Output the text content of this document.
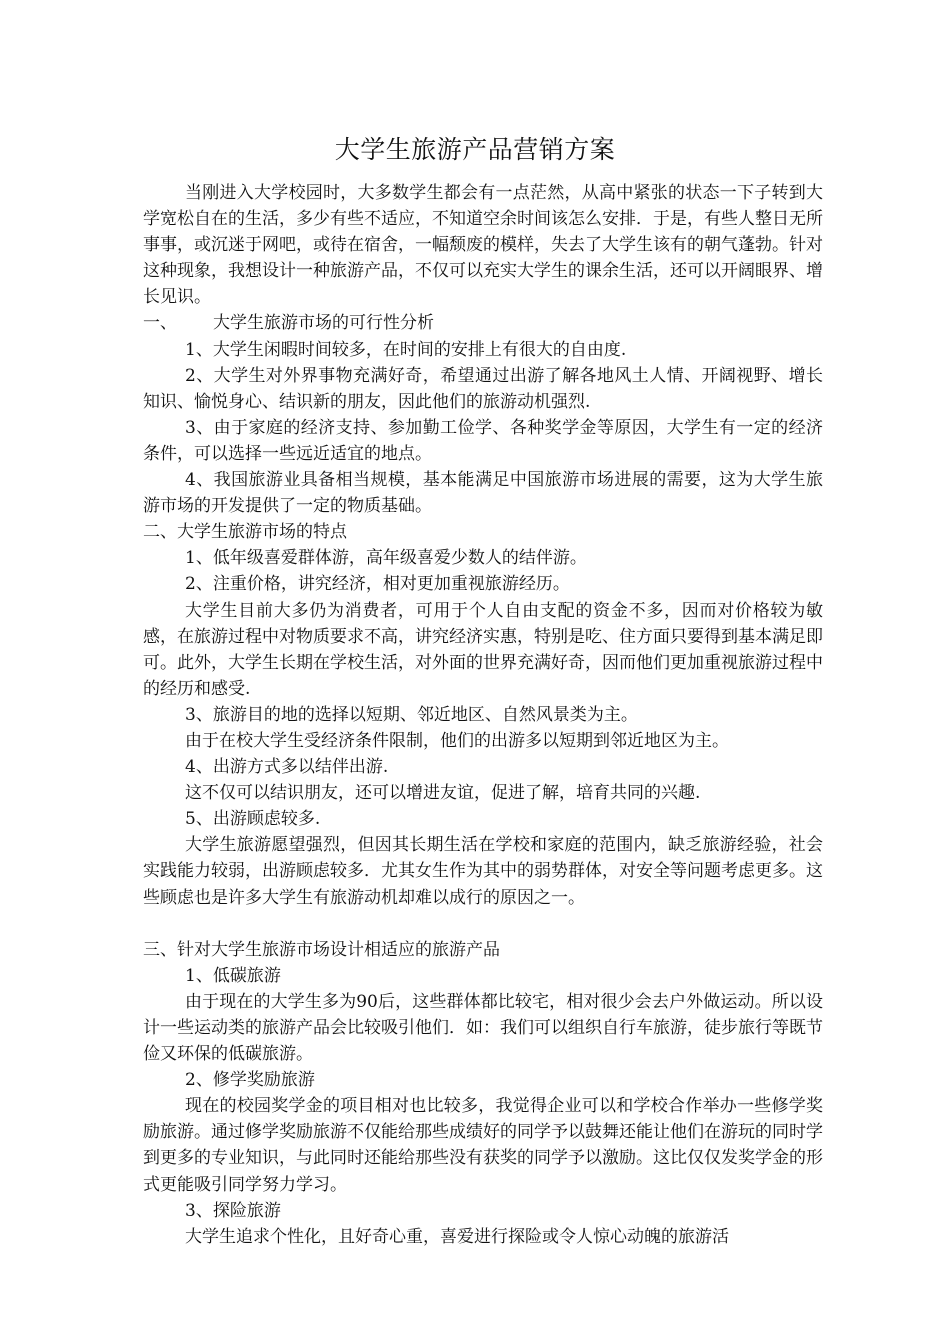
大学生旅游产品营销方案

当刚进入大学校园时，大多数学生都会有一点茫然，从高中紧张的状态一下子转到大学宽松自在的生活，多少有些不适应，不知道空余时间该怎么安排．于是，有些人整日无所事事，或沉迷于网吧，或待在宿舍，一幅颓废的模样，失去了大学生该有的朝气蓬勃。针对这种现象，我想设计一种旅游产品，不仅可以充实大学生的课余生活，还可以开阔眼界、增长见识。

一、 大学生旅游市场的可行性分析

1、大学生闲暇时间较多，在时间的安排上有很大的自由度.

2、大学生对外界事物充满好奇，希望通过出游了解各地风土人情、开阔视野、增长知识、愉悦身心、结识新的朋友，因此他们的旅游动机强烈.

3、由于家庭的经济支持、参加勤工俭学、各种奖学金等原因，大学生有一定的经济条件，可以选择一些远近适宜的地点。

4、我国旅游业具备相当规模，基本能满足中国旅游市场进展的需要，这为大学生旅游市场的开发提供了一定的物质基础。

二、大学生旅游市场的特点

1、低年级喜爱群体游，高年级喜爱少数人的结伴游。

2、注重价格，讲究经济，相对更加重视旅游经历。

大学生目前大多仍为消费者，可用于个人自由支配的资金不多，因而对价格较为敏感，在旅游过程中对物质要求不高，讲究经济实惠，特别是吃、住方面只要得到基本满足即可。此外，大学生长期在学校生活，对外面的世界充满好奇，因而他们更加重视旅游过程中的经历和感受.

3、旅游目的地的选择以短期、邻近地区、自然风景类为主。

由于在校大学生受经济条件限制，他们的出游多以短期到邻近地区为主。

4、出游方式多以结伴出游.

这不仅可以结识朋友，还可以增进友谊，促进了解，培育共同的兴趣.

5、出游顾虑较多.

大学生旅游愿望强烈，但因其长期生活在学校和家庭的范围内，缺乏旅游经验，社会实践能力较弱，出游顾虑较多．尤其女生作为其中的弱势群体，对安全等问题考虑更多。这些顾虑也是许多大学生有旅游动机却难以成行的原因之一。

三、针对大学生旅游市场设计相适应的旅游产品

1、低碳旅游

由于现在的大学生多为90后，这些群体都比较宅，相对很少会去户外做运动。所以设计一些运动类的旅游产品会比较吸引他们．如：我们可以组织自行车旅游，徒步旅行等既节俭又环保的低碳旅游。

2、修学奖励旅游

现在的校园奖学金的项目相对也比较多，我觉得企业可以和学校合作举办一些修学奖励旅游。通过修学奖励旅游不仅能给那些成绩好的同学予以鼓舞还能让他们在游玩的同时学到更多的专业知识，与此同时还能给那些没有获奖的同学予以激励。这比仅仅发奖学金的形式更能吸引同学努力学习。

3、探险旅游

大学生追求个性化，且好奇心重，喜爱进行探险或令人惊心动魄的旅游活
